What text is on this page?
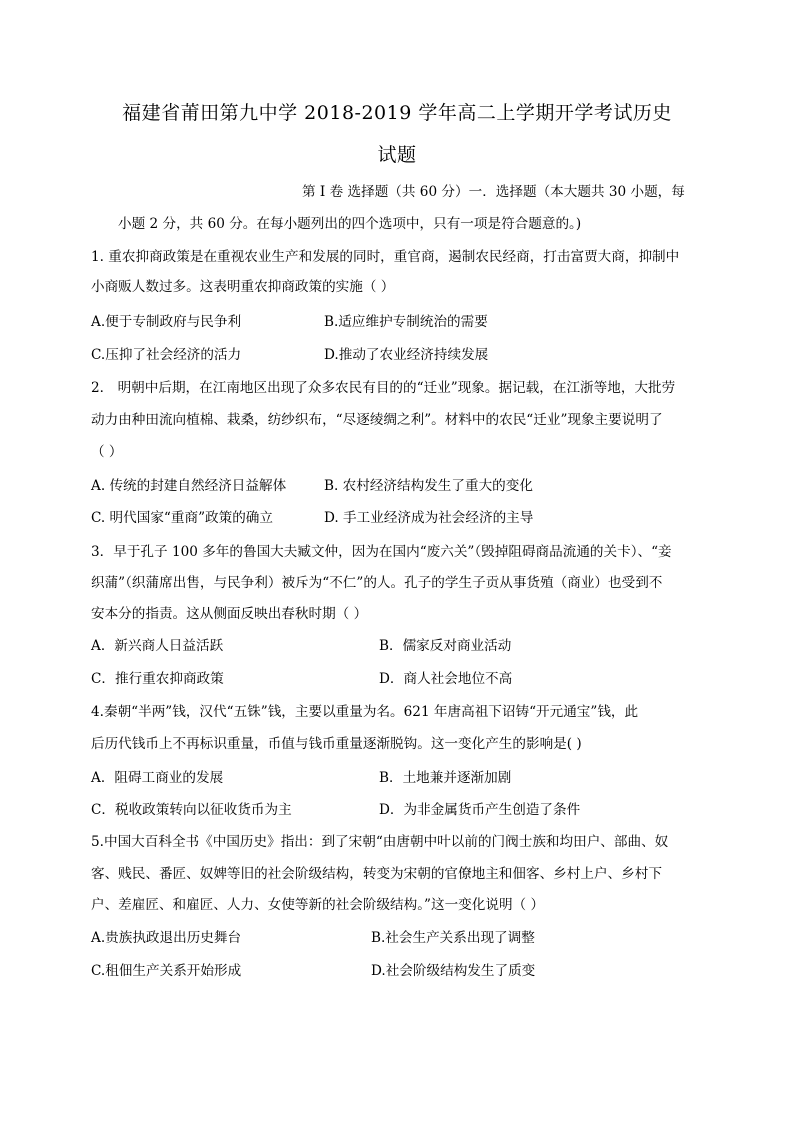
福建省莆田第九中学 2018-2019 学年高二上学期开学考试历史
试题
第 I 卷 选择题（共 60 分）一．选择题（本大题共 30 小题，每
小题 2 分，共 60 分。在每小题列出的四个选项中，只有一项是符合题意的。)
1. 重农抑商政策是在重视农业生产和发展的同时，重官商，遏制农民经商，打击富贾大商，抑制中
小商贩人数过多。这表明重农抑商政策的实施（ ）
A.便于专制政府与民争利	B.适应维护专制统治的需要
C.压抑了社会经济的活力	D.推动了农业经济持续发展
2． 明朝中后期，在江南地区出现了众多农民有目的的“迁业”现象。据记载，在江浙等地，大批劳
动力由种田流向植棉、栽桑，纺纱织布，“尽逐绫绸之利”。材料中的农民“迁业”现象主要说明了
（ ）
A. 传统的封建自然经济日益解体	B. 农村经济结构发生了重大的变化
C. 明代国家“重商”政策的确立	D. 手工业经济成为社会经济的主导
3．早于孔子 100 多年的鲁国大夫臧文仲，因为在国内“废六关”（毁掉阻碍商品流通的关卡）、“妾
织蒲”（织蒲席出售，与民争利）被斥为“不仁”的人。孔子的学生子贡从事货殖（商业）也受到不
安本分的指责。这从侧面反映出春秋时期（ ）
A．新兴商人日益活跃	B．儒家反对商业活动
C．推行重农抑商政策	D．商人社会地位不高
4.秦朝“半两”钱，汉代“五铢”钱，主要以重量为名。621 年唐高祖下诏铸“开元通宝”钱，此
后历代钱币上不再标识重量，币值与钱币重量逐渐脱钩。这一变化产生的影响是( )
A．阻碍工商业的发展	B．土地兼并逐渐加剧
C．税收政策转向以征收货币为主	D．为非金属货币产生创造了条件
5.中国大百科全书《中国历史》指出：到了宋朝“由唐朝中叶以前的门阀士族和均田户、部曲、奴
客、贱民、番匠、奴婢等旧的社会阶级结构，转变为宋朝的官僚地主和佃客、乡村上户、乡村下
户、差雇匠、和雇匠、人力、女使等新的社会阶级结构。”这一变化说明（ ）
A.贵族执政退出历史舞台	B.社会生产关系出现了调整
C.租佃生产关系开始形成	D.社会阶级结构发生了质变
